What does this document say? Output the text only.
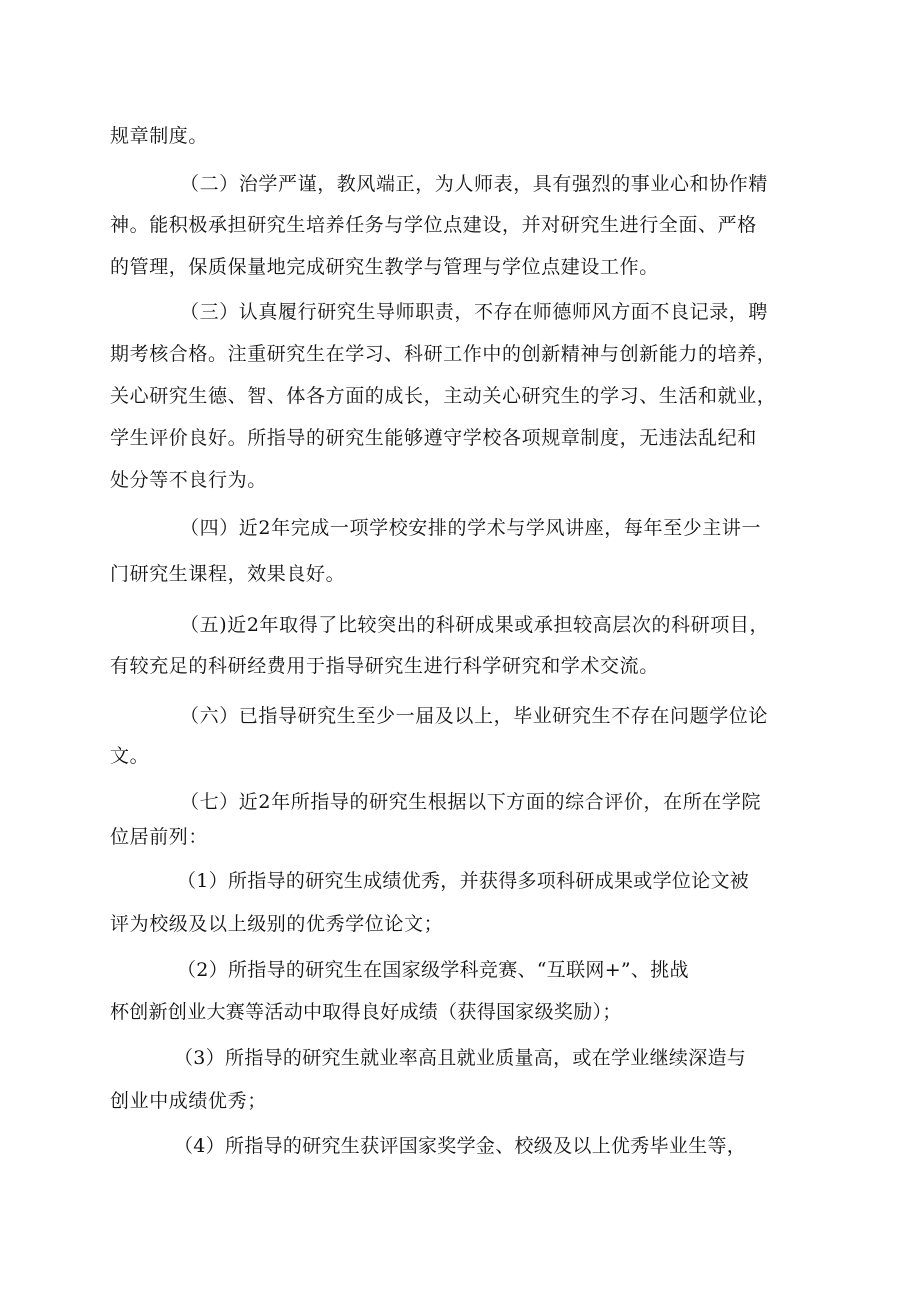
规章制度。
（二）治学严谨，教风端正，为人师表，具有强烈的事业心和协作精
神。能积极承担研究生培养任务与学位点建设，并对研究生进行全面、严格
的管理，保质保量地完成研究生教学与管理与学位点建设工作。
（三）认真履行研究生导师职责，不存在师德师风方面不良记录，聘
期考核合格。注重研究生在学习、科研工作中的创新精神与创新能力的培养，
关心研究生德、智、体各方面的成长，主动关心研究生的学习、生活和就业，
学生评价良好。所指导的研究生能够遵守学校各项规章制度，无违法乱纪和
处分等不良行为。
（四）近2年完成一项学校安排的学术与学风讲座，每年至少主讲一
门研究生课程，效果良好。
（五)近2年取得了比较突出的科研成果或承担较高层次的科研项目，
有较充足的科研经费用于指导研究生进行科学研究和学术交流。
（六）已指导研究生至少一届及以上，毕业研究生不存在问题学位论
文。
（七）近2年所指导的研究生根据以下方面的综合评价，在所在学院
位居前列：
（1）所指导的研究生成绩优秀，并获得多项科研成果或学位论文被
评为校级及以上级别的优秀学位论文；
（2）所指导的研究生在国家级学科竞赛、“互联网+”、挑战
杯创新创业大赛等活动中取得良好成绩（获得国家级奖励）；
（3）所指导的研究生就业率高且就业质量高，或在学业继续深造与
创业中成绩优秀；
（4）所指导的研究生获评国家奖学金、校级及以上优秀毕业生等，
